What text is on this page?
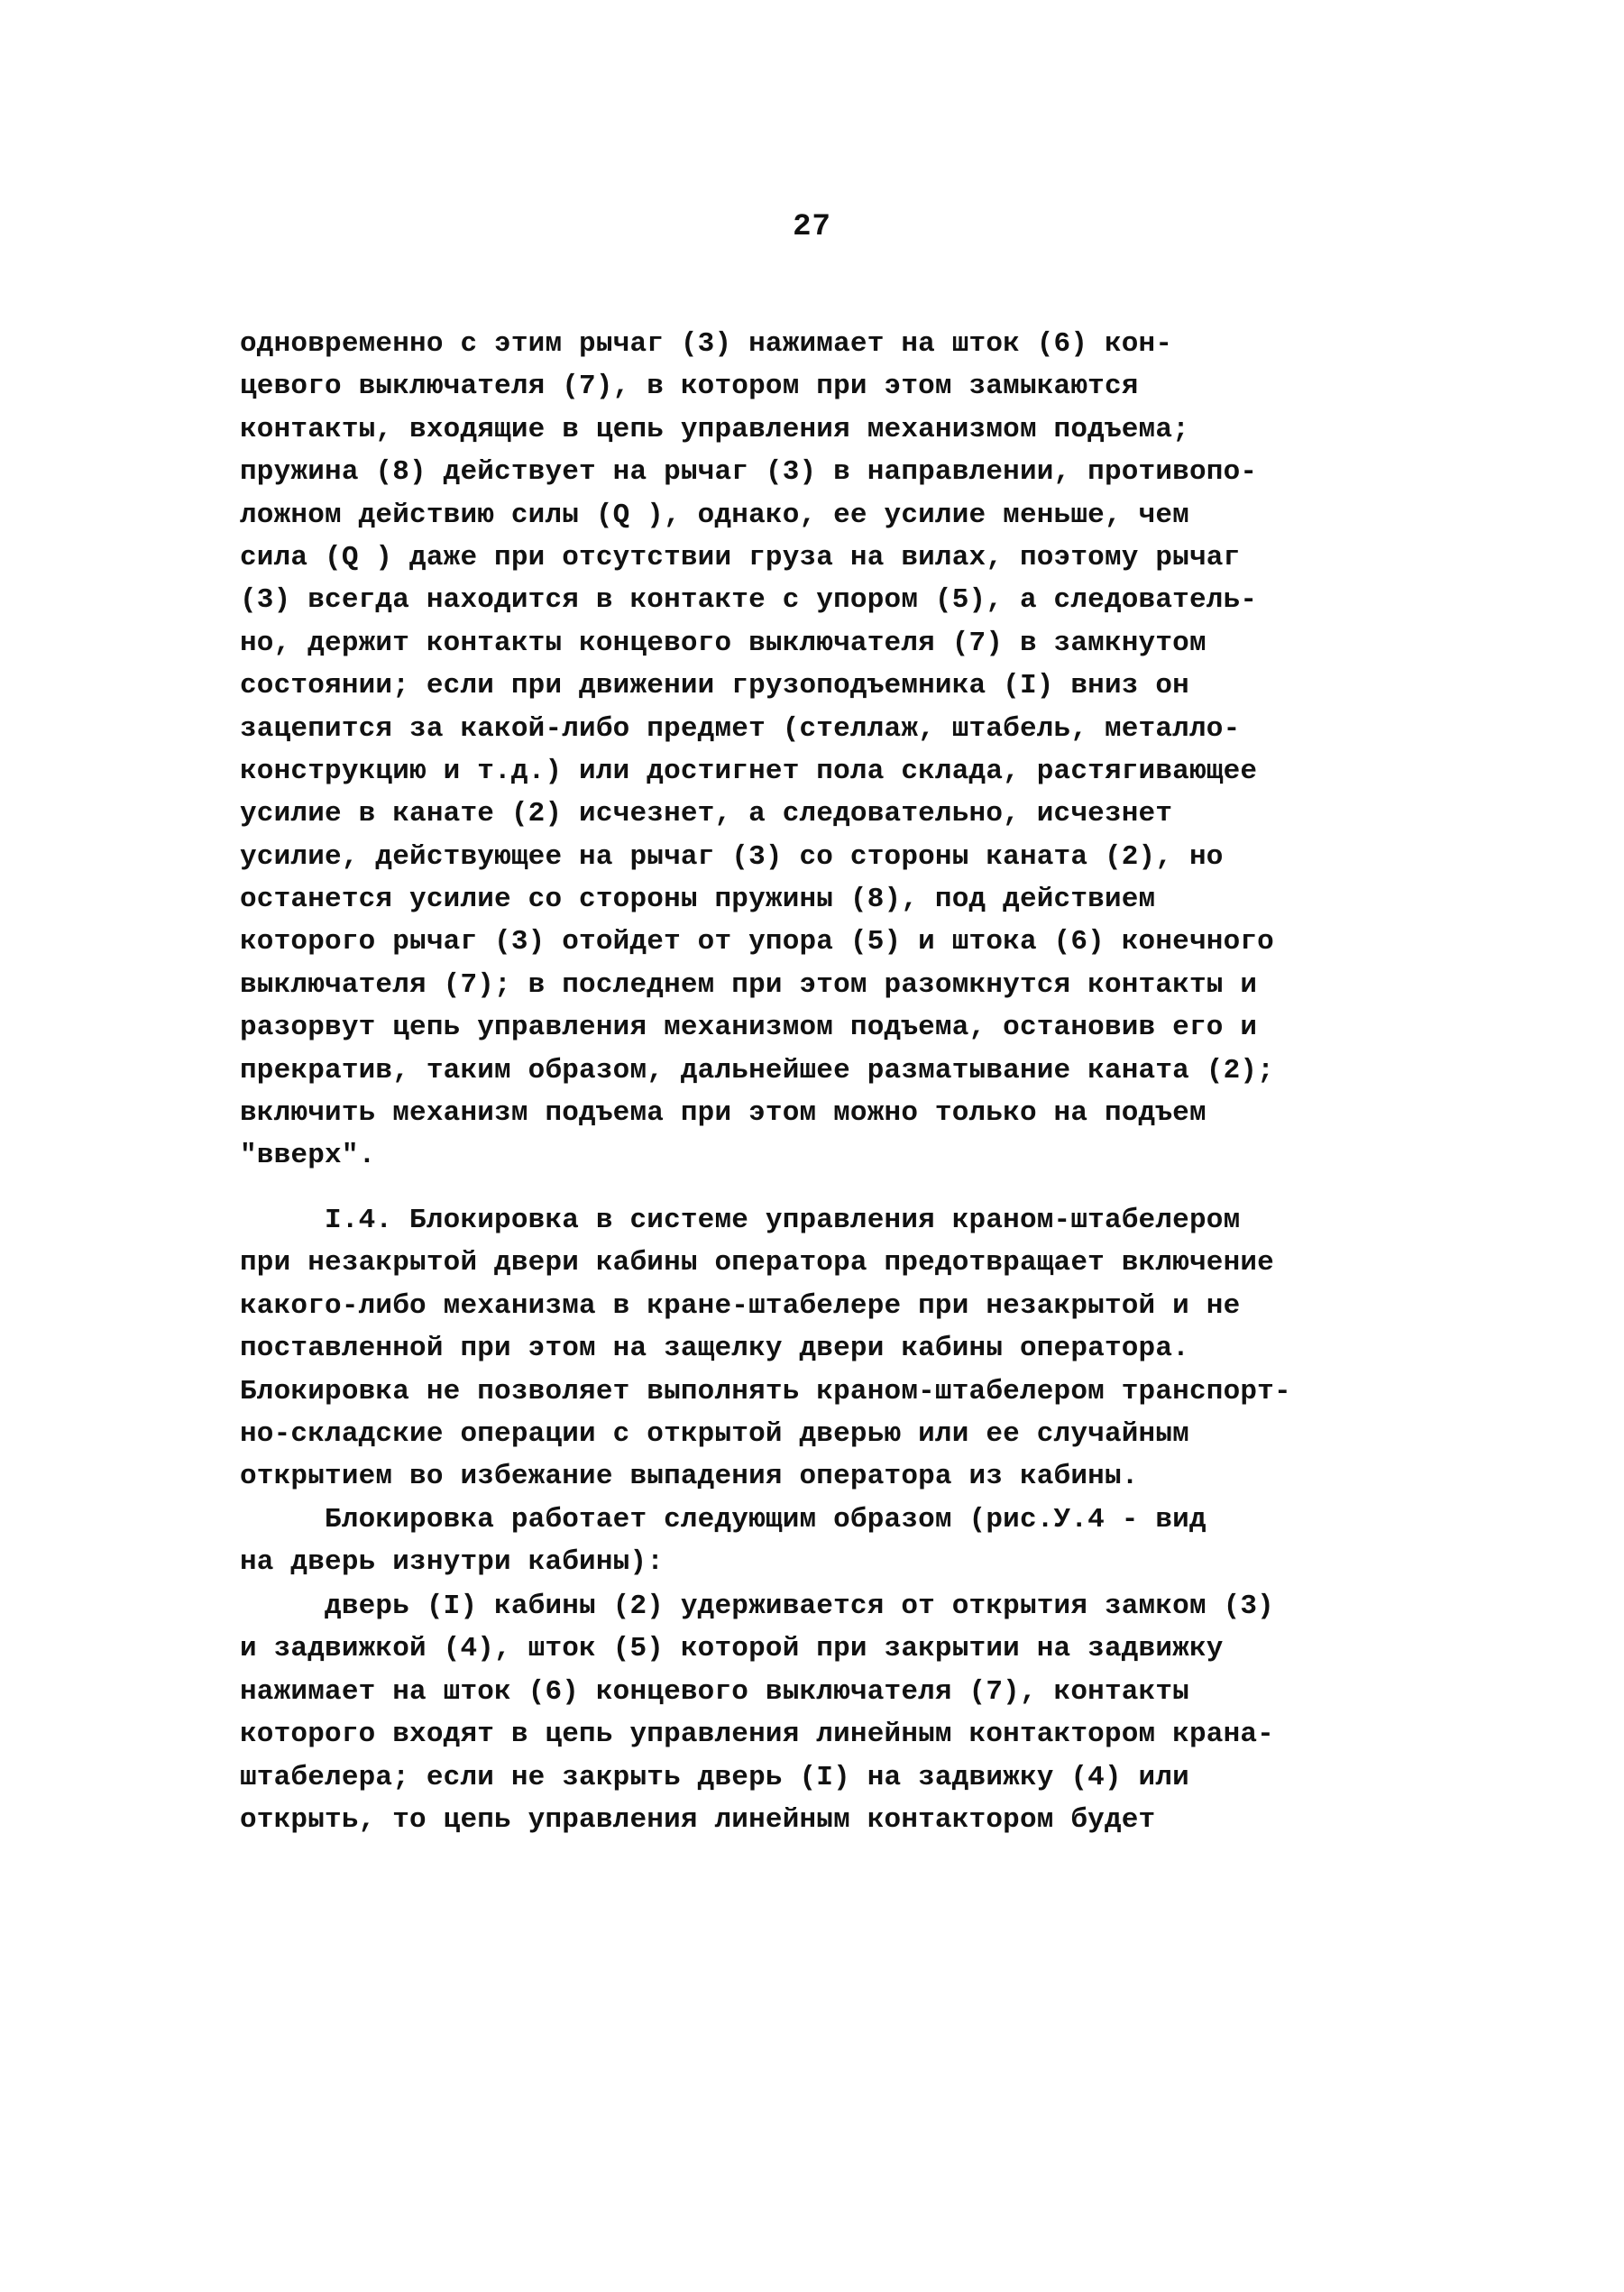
27
одновременно с этим рычаг (3) нажимает на шток (6) кон-
цевого выключателя (7), в котором при этом замыкаются
контакты, входящие в цепь управления механизмом подъема;
пружина (8) действует на рычаг (3) в направлении, противопо-
ложном действию силы (Q ), однако, ее усилие меньше, чем
сила (Q ) даже при отсутствии груза на вилах, поэтому рычаг
(3) всегда находится в контакте с упором (5), а следователь-
но, держит контакты концевого выключателя (7) в замкнутом
состоянии; если при движении грузоподъемника (I) вниз он
зацепится за какой-либо предмет (стеллаж, штабель, металло-
конструкцию и т.д.) или достигнет пола склада, растягивающее
усилие в канате (2) исчезнет, а следовательно, исчезнет
усилие, действующее на рычаг (3) со стороны каната (2), но
останется усилие со стороны пружины (8), под действием
которого рычаг (3) отойдет от упора (5) и штока (6) конечного
выключателя (7); в последнем при этом разомкнутся контакты и
разорвут цепь управления механизмом подъема, остановив его и
прекратив, таким образом, дальнейшее разматывание каната (2);
включить механизм подъема при этом можно только на подъем
"вверх".
I.4. Блокировка в системе управления краном-штабелером
при незакрытой двери кабины оператора предотвращает включение
какого-либо механизма в кране-штабелере при незакрытой и не
поставленной при этом на защелку двери кабины оператора.
Блокировка не позволяет выполнять краном-штабелером транспорт-
но-складские операции с открытой дверью или ее случайным
открытием во избежание выпадения оператора из кабины.
Блокировка работает следующим образом (рис.У.4 - вид
на дверь изнутри кабины):
дверь (I) кабины (2) удерживается от открытия замком (3)
и задвижкой (4), шток (5) которой при закрытии на задвижку
нажимает на шток (6) концевого выключателя (7), контакты
которого входят в цепь управления линейным контактором крана-
штабелера; если не закрыть дверь (I) на задвижку (4) или
открыть, то цепь управления линейным контактором будет
